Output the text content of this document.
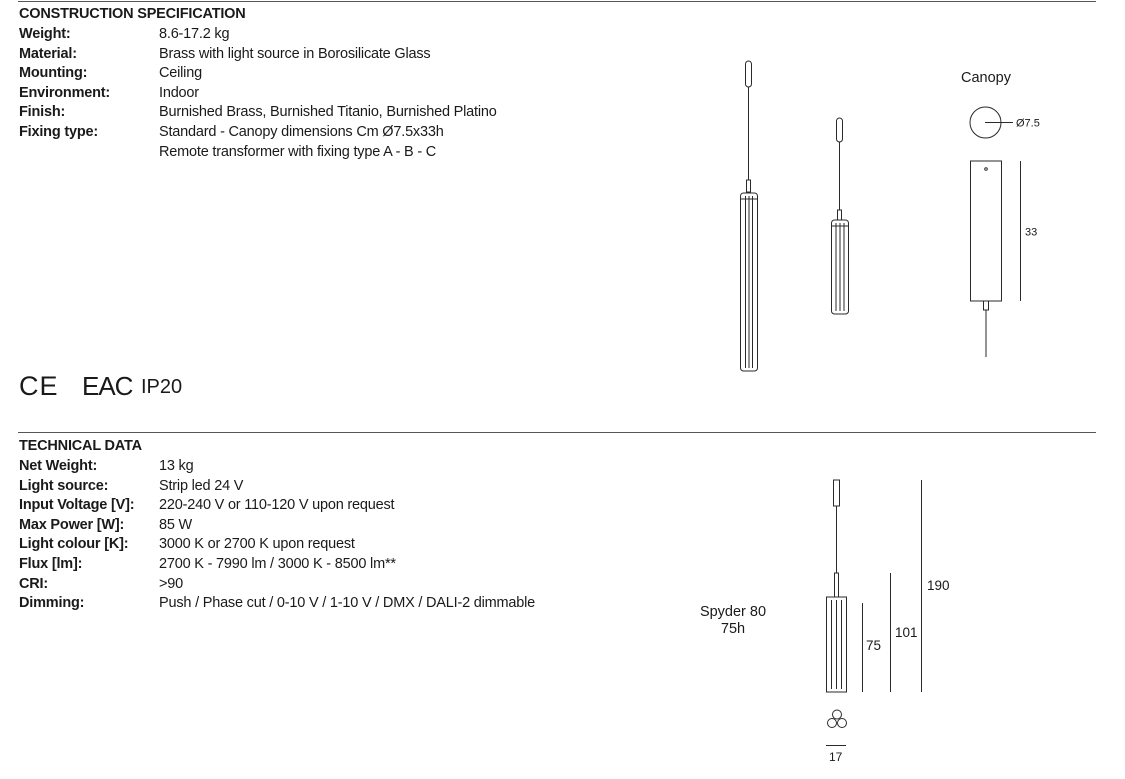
CONSTRUCTION SPECIFICATION
Weight:	8.6-17.2 kg
Material:	Brass with light source in Borosilicate Glass
Mounting:	Ceiling
Environment:	Indoor
Finish:	Burnished Brass, Burnished Titanio, Burnished Platino
Fixing type:	Standard - Canopy dimensions Cm Ø7.5x33h
Remote transformer with fixing type A - B - C
CE EAC IP20
TECHNICAL DATA
Net Weight:	13 kg
Light source:	Strip led 24 V
Input Voltage [V]: 220-240 V or 110-120 V upon request
Max Power [W]: 85 W
Light colour [K]: 3000 K or 2700 K upon request
Flux [lm]:	2700 K - 7990 lm / 3000 K - 8500 lm**
CRI:	>90
Dimming:	Push / Phase cut / 0-10 V / 1-10 V / DMX / DALI-2 dimmable
Canopy
Ø7.5
33
75
101
190
17
Spyder 80
75h
